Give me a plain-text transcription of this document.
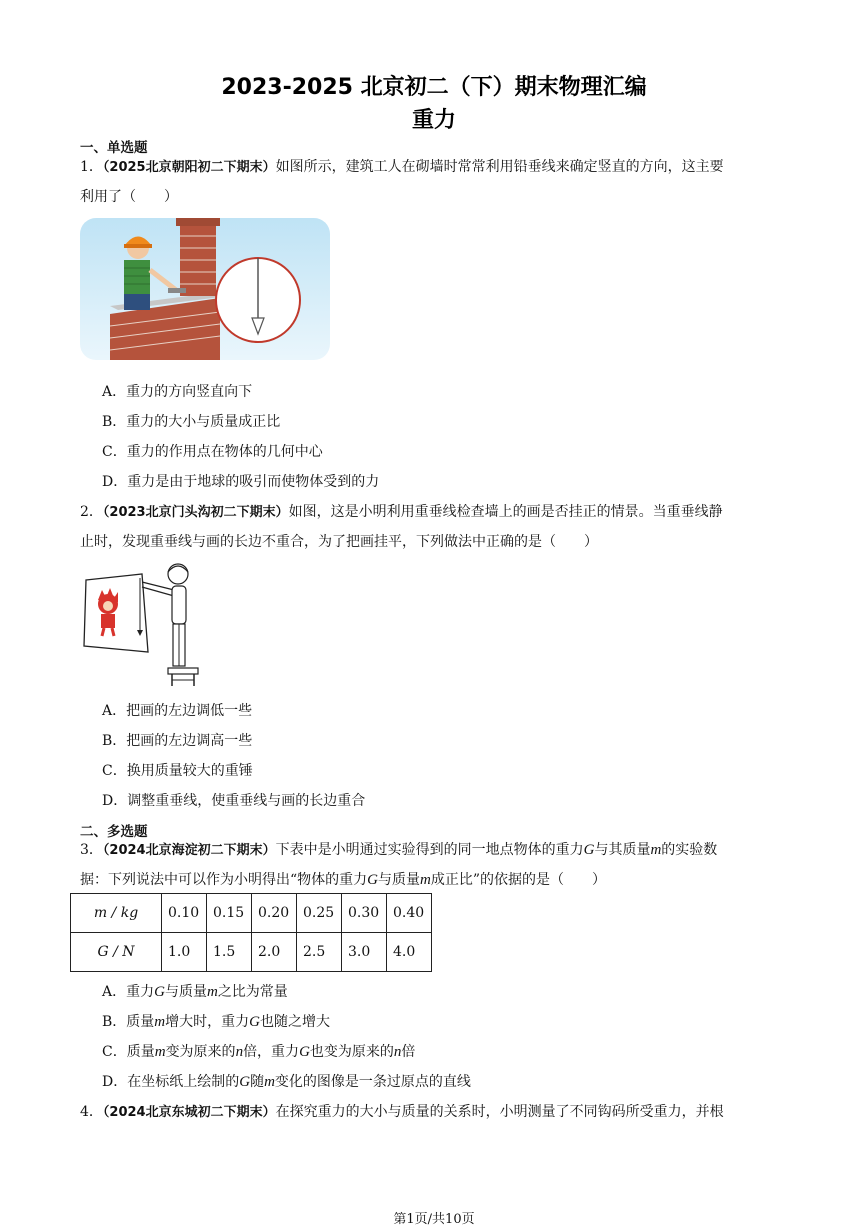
2023-2025 北京初二（下）期末物理汇编
重力
一、单选题
1．（2025北京朝阳初二下期末）如图所示，建筑工人在砌墙时常常利用铅垂线来确定竖直的方向，这主要
利用了（　　）
A．重力的方向竖直向下
B．重力的大小与质量成正比
C．重力的作用点在物体的几何中心
D．重力是由于地球的吸引而使物体受到的力
2．（2023北京门头沟初二下期末）如图，这是小明利用重垂线检查墙上的画是否挂正的情景。当重垂线静
止时，发现重垂线与画的长边不重合，为了把画挂平，下列做法中正确的是（　　）
A．把画的左边调低一些
B．把画的左边调高一些
C．换用质量较大的重锤
D．调整重垂线，使重垂线与画的长边重合
二、多选题
3．（2024北京海淀初二下期末）下表中是小明通过实验得到的同一地点物体的重力G与其质量m的实验数
据：下列说法中可以作为小明得出“物体的重力G与质量m成正比”的依据的是（　　）
m / kg	0.10	0.15	0.20	0.25	0.30	0.40
G / N	1.0	1.5	2.0	2.5	3.0	4.0
A．重力G与质量m之比为常量
B．质量m增大时，重力G也随之增大
C．质量m变为原来的n倍，重力G也变为原来的n倍
D．在坐标纸上绘制的G随m变化的图像是一条过原点的直线
4．（2024北京东城初二下期末）在探究重力的大小与质量的关系时，小明测量了不同钩码所受重力，并根
第1页/共10页
